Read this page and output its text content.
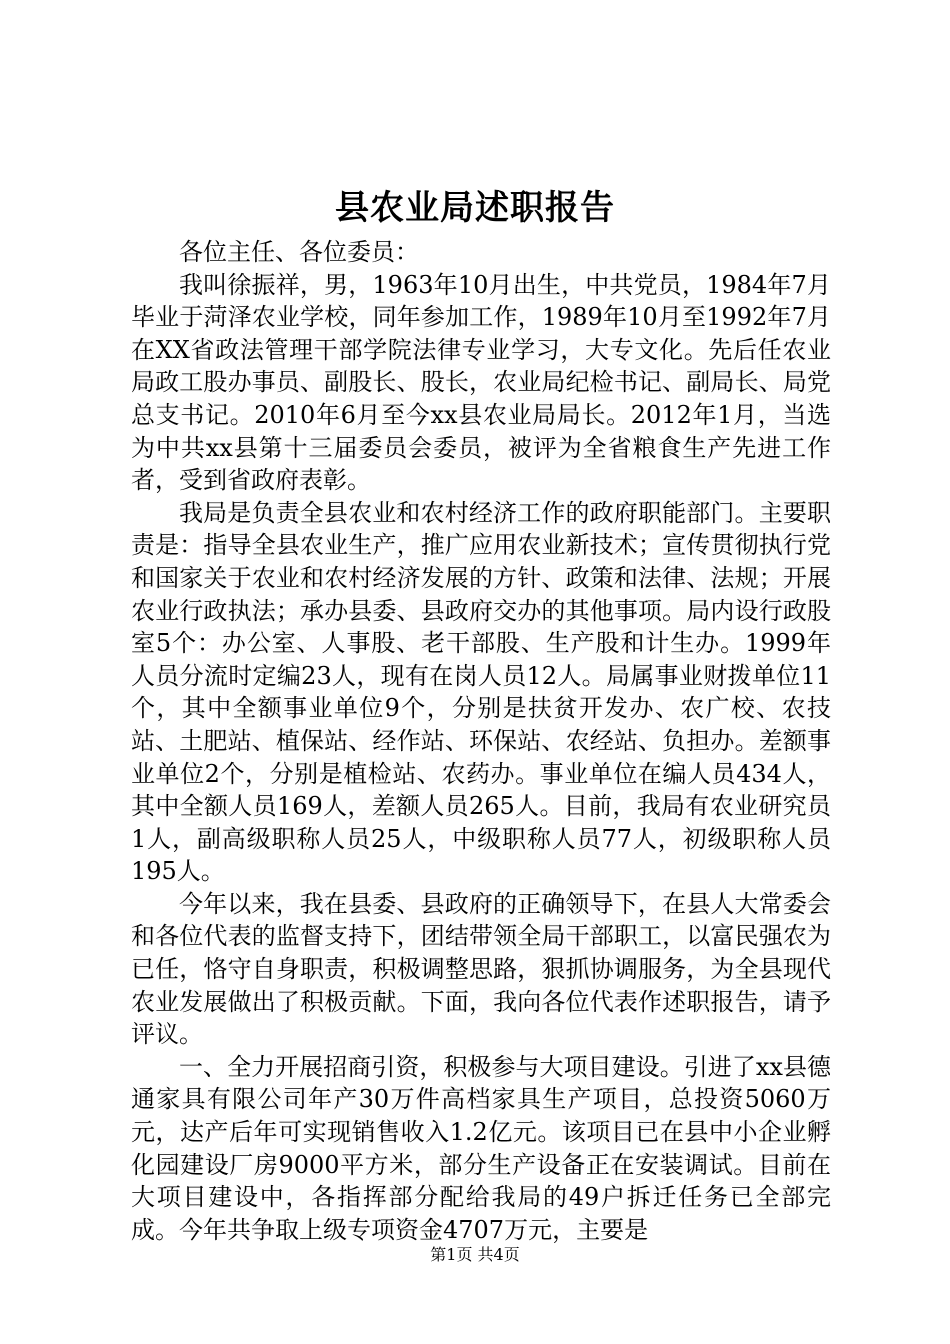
县农业局述职报告

各位主任、各位委员：

我叫徐振祥，男，1963年10月出生，中共党员，1984年7月毕业于菏泽农业学校，同年参加工作，1989年10月至1992年7月在XX省政法管理干部学院法律专业学习，大专文化。先后任农业局政工股办事员、副股长、股长，农业局纪检书记、副局长、局党总支书记。2010年6月至今xx县农业局局长。2012年1月，当选为中共xx县第十三届委员会委员，被评为全省粮食生产先进工作者，受到省政府表彰。

我局是负责全县农业和农村经济工作的政府职能部门。主要职责是：指导全县农业生产，推广应用农业新技术；宣传贯彻执行党和国家关于农业和农村经济发展的方针、政策和法律、法规；开展农业行政执法；承办县委、县政府交办的其他事项。局内设行政股室5个：办公室、人事股、老干部股、生产股和计生办。1999年人员分流时定编23人，现有在岗人员12人。局属事业财拨单位11个，其中全额事业单位9个，分别是扶贫开发办、农广校、农技站、土肥站、植保站、经作站、环保站、农经站、负担办。差额事业单位2个，分别是植检站、农药办。事业单位在编人员434人，其中全额人员169人，差额人员265人。目前，我局有农业研究员1人，副高级职称人员25人，中级职称人员77人，初级职称人员195人。

今年以来，我在县委、县政府的正确领导下，在县人大常委会和各位代表的监督支持下，团结带领全局干部职工，以富民强农为已任，恪守自身职责，积极调整思路，狠抓协调服务，为全县现代农业发展做出了积极贡献。下面，我向各位代表作述职报告，请予评议。

一、全力开展招商引资，积极参与大项目建设。引进了xx县德通家具有限公司年产30万件高档家具生产项目，总投资5060万元，达产后年可实现销售收入1.2亿元。该项目已在县中小企业孵化园建设厂房9000平方米，部分生产设备正在安装调试。目前在大项目建设中，各指挥部分配给我局的49户拆迁任务已全部完成。今年共争取上级专项资金4707万元，主要是

第1页 共4页
